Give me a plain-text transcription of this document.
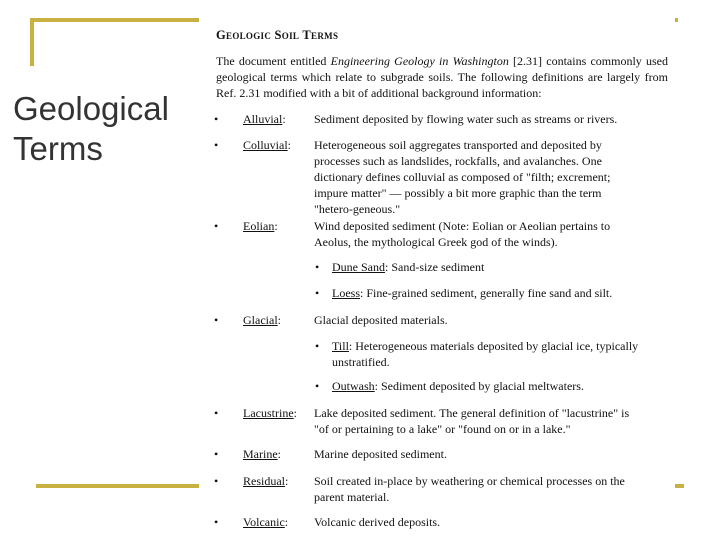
Geological Terms
Geologic Soil Terms
The document entitled Engineering Geology in Washington [2.31] contains commonly used geological terms which relate to subgrade soils. The following definitions are largely from Ref. 2.31 modified with a bit of additional background information:
• Alluvial: Sediment deposited by flowing water such as streams or rivers.
• Colluvial: Heterogeneous soil aggregates transported and deposited by processes such as landslides, rockfalls, and avalanches. One dictionary defines colluvial as composed of "filth; excrement; impure matter" — possibly a bit more graphic than the term "hetero-geneous."
• Eolian:	Wind deposited sediment (Note: Eolian or Aeolian pertains to Aeolus, the mythological Greek god of the winds).
• Dune Sand: Sand-size sediment
• Loess: Fine-grained sediment, generally fine sand and silt.
• Glacial:	Glacial deposited materials.
• Till: Heterogeneous materials deposited by glacial ice, typically unstratified.
• Outwash: Sediment deposited by glacial meltwaters.
• Lacustrine: Lake deposited sediment. The general definition of "lacustrine" is "of or pertaining to a lake" or "found on or in a lake."
• Marine:	Marine deposited sediment.
• Residual: Soil created in-place by weathering or chemical processes on the parent material.
• Volcanic: Volcanic derived deposits.
